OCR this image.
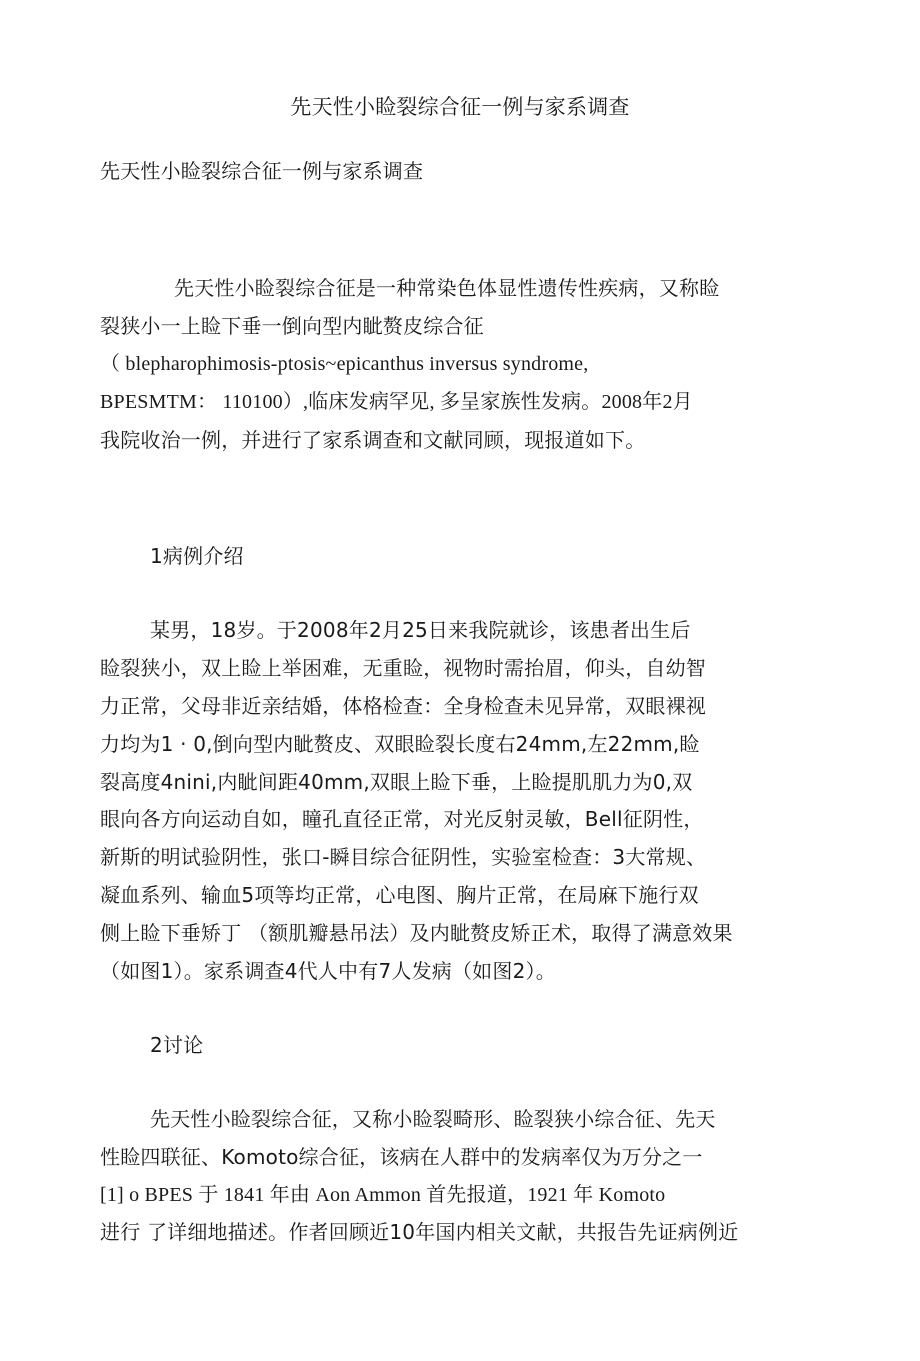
先天性小睑裂综合征一例与家系调查
先天性小睑裂综合征一例与家系调查
先天性小睑裂综合征是一种常染色体显性遗传性疾病，又称睑
裂狭小一上睑下垂一倒向型内眦赘皮综合征
（ blepharophimosis-ptosis~epicanthus inversus syndrome,
BPESMTM： 110100）,临床发病罕见, 多呈家族性发病。2008年2月
我院收治一例，并进行了家系调查和文献同顾，现报道如下。
1病例介绍
某男，18岁。于2008年2月25日来我院就诊，该患者出生后
睑裂狭小，双上睑上举困难，无重睑，视物时需抬眉，仰头，自幼智
力正常，父母非近亲结婚，体格检查：全身检查未见异常，双眼裸视
力均为1 · 0,倒向型内眦赘皮、双眼睑裂长度右24mm,左22mm,睑
裂高度4nini,内眦间距40mm,双眼上睑下垂，上睑提肌肌力为0,双
眼向各方向运动自如，瞳孔直径正常，对光反射灵敏，Bell征阴性，
新斯的明试验阴性，张口-瞬目综合征阴性，实验室检查：3大常规、
凝血系列、输血5项等均正常，心电图、胸片正常，在局麻下施行双
侧上睑下垂矫丁 （额肌瓣悬吊法）及内眦赘皮矫正术，取得了满意效果
（如图1）。家系调查4代人中有7人发病（如图2）。
2讨论
先天性小睑裂综合征，又称小睑裂畸形、睑裂狭小综合征、先天
性睑四联征、Komoto综合征，该病在人群中的发病率仅为万分之一
[1] o BPES 于 1841 年由 Aon Ammon 首先报道，1921 年 Komoto
进行 了详细地描述。作者回顾近10年国内相关文献，共报告先证病例近
